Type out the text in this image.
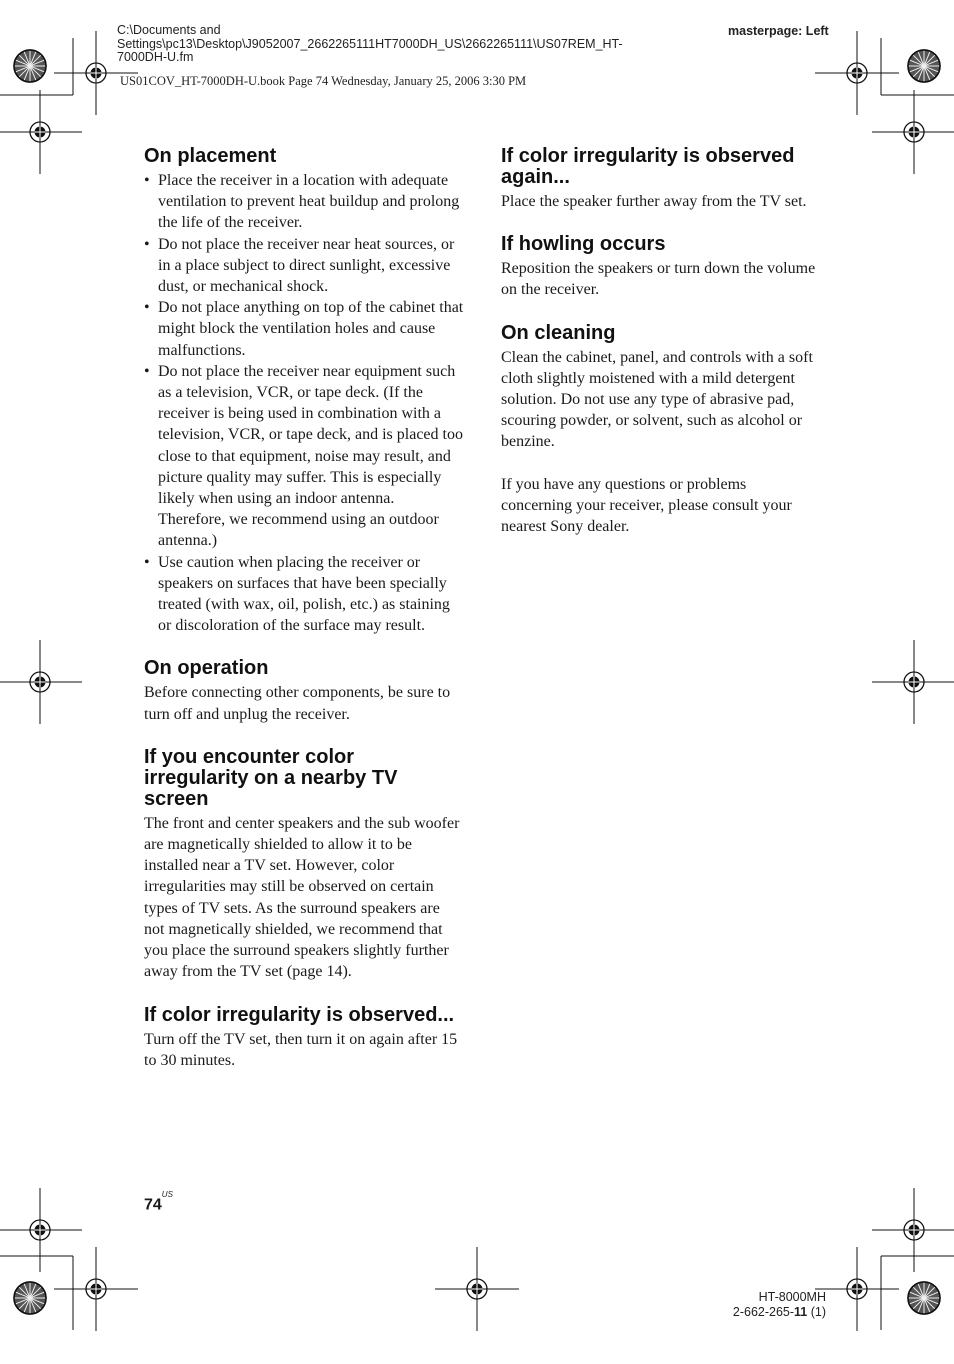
C:\Documents and
Settings\pc13\Desktop\J9052007_2662265111HT7000DH_US\2662265111\US07REM_HT-
7000DH-U.fm
US01COV_HT-7000DH-U.book Page 74 Wednesday, January 25, 2006 3:30 PM
masterpage: Left
On placement
• Place the receiver in a location with adequate ventilation to prevent heat buildup and prolong the life of the receiver.
• Do not place the receiver near heat sources, or in a place subject to direct sunlight, excessive dust, or mechanical shock.
• Do not place anything on top of the cabinet that might block the ventilation holes and cause malfunctions.
• Do not place the receiver near equipment such as a television, VCR, or tape deck. (If the receiver is being used in combination with a television, VCR, or tape deck, and is placed too close to that equipment, noise may result, and picture quality may suffer. This is especially likely when using an indoor antenna. Therefore, we recommend using an outdoor antenna.)
• Use caution when placing the receiver or speakers on surfaces that have been specially treated (with wax, oil, polish, etc.) as staining or discoloration of the surface may result.
On operation

Before connecting other components, be sure to turn off and unplug the receiver.

If you encounter color irregularity on a nearby TV screen

The front and center speakers and the sub woofer are magnetically shielded to allow it to be installed near a TV set. However, color irregularities may still be observed on certain types of TV sets. As the surround speakers are not magnetically shielded, we recommend that you place the surround speakers slightly further away from the TV set (page 14).

If color irregularity is observed...

Turn off the TV set, then turn it on again after 15 to 30 minutes.

If color irregularity is observed again...

Place the speaker further away from the TV set.

If howling occurs

Reposition the speakers or turn down the volume on the receiver.

On cleaning

Clean the cabinet, panel, and controls with a soft cloth slightly moistened with a mild detergent solution. Do not use any type of abrasive pad, scouring powder, or solvent, such as alcohol or benzine.

If you have any questions or problems concerning your receiver, please consult your nearest Sony dealer.

$74^{US}$
HT-8000MH
2-662-265-11 (1)
